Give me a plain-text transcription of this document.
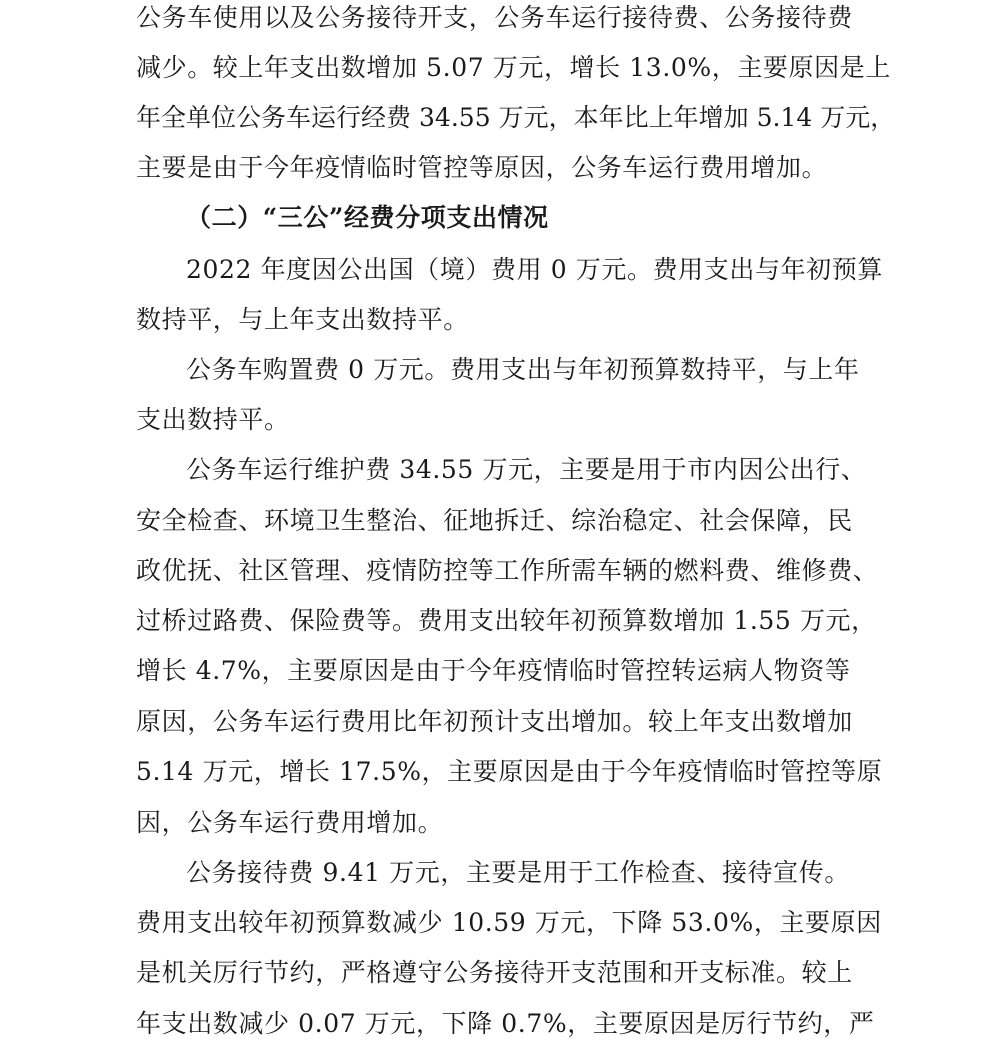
公务车使用以及公务接待开支，公务车运行接待费、公务接待费
减少。较上年支出数增加 5.07 万元，增长 13.0%，主要原因是上
年全单位公务车运行经费 34.55 万元，本年比上年增加 5.14 万元，
主要是由于今年疫情临时管控等原因，公务车运行费用增加。
（二）“三公”经费分项支出情况
2022 年度因公出国（境）费用 0 万元。费用支出与年初预算
数持平，与上年支出数持平。
公务车购置费 0 万元。费用支出与年初预算数持平，与上年
支出数持平。
公务车运行维护费 34.55 万元，主要是用于市内因公出行、
安全检查、环境卫生整治、征地拆迁、综治稳定、社会保障，民
政优抚、社区管理、疫情防控等工作所需车辆的燃料费、维修费、
过桥过路费、保险费等。费用支出较年初预算数增加 1.55 万元，
增长 4.7%，主要原因是由于今年疫情临时管控转运病人物资等
原因，公务车运行费用比年初预计支出增加。较上年支出数增加
5.14 万元，增长 17.5%，主要原因是由于今年疫情临时管控等原
因，公务车运行费用增加。
公务接待费 9.41 万元，主要是用于工作检查、接待宣传。
费用支出较年初预算数减少 10.59 万元，下降 53.0%，主要原因
是机关厉行节约，严格遵守公务接待开支范围和开支标准。较上
年支出数减少 0.07 万元，下降 0.7%，主要原因是厉行节约，严
